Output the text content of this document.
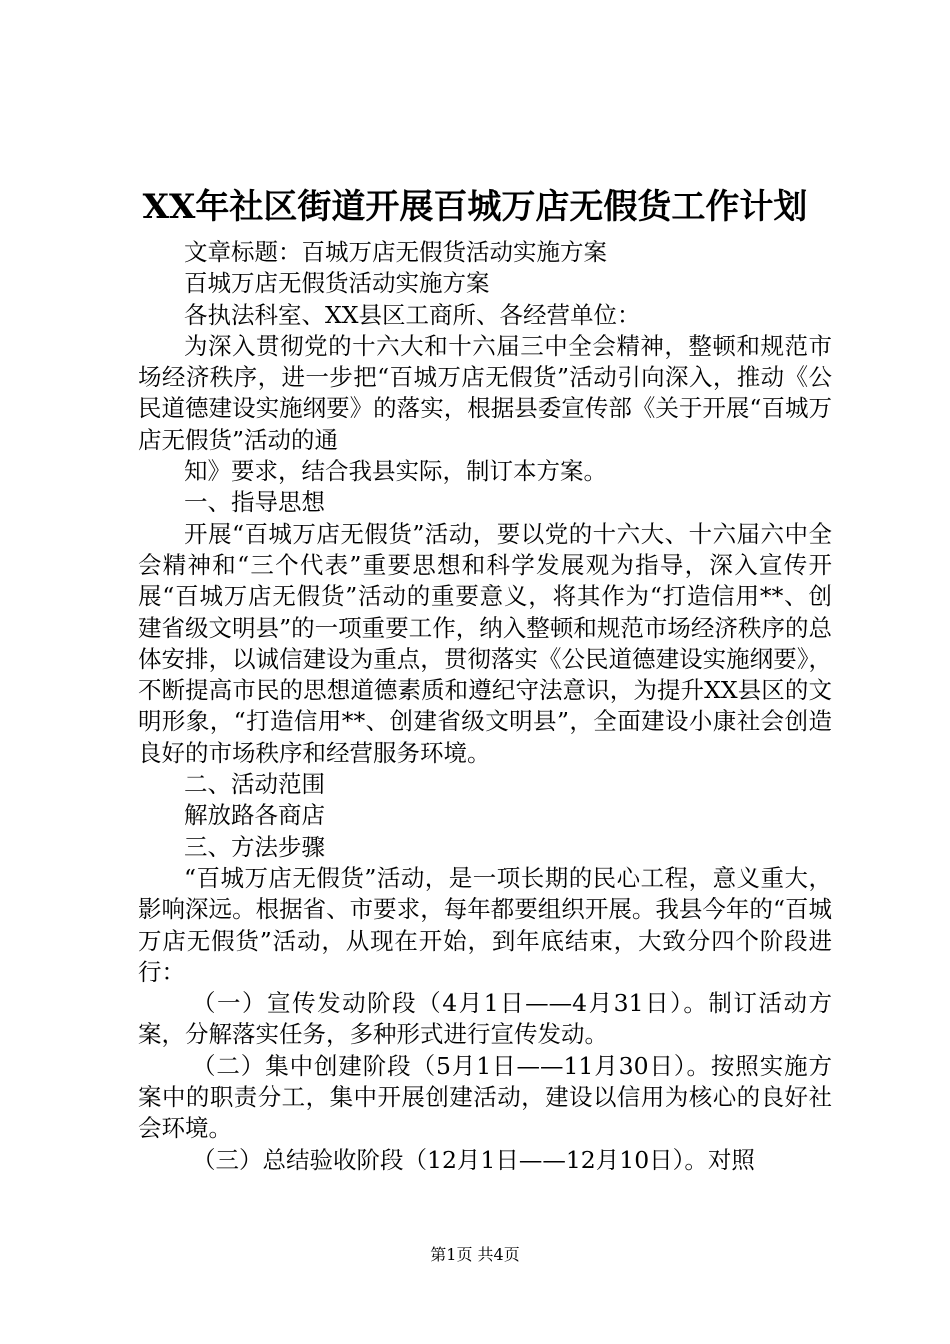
XX年社区街道开展百城万店无假货工作计划

文章标题：百城万店无假货活动实施方案

百城万店无假货活动实施方案

各执法科室、XX县区工商所、各经营单位：

为深入贯彻党的十六大和十六届三中全会精神，整顿和规范市场经济秩序，进一步把“百城万店无假货”活动引向深入，推动《公民道德建设实施纲要》的落实，根据县委宣传部《关于开展“百城万店无假货”活动的通

知》要求，结合我县实际，制订本方案。

一、指导思想

开展“百城万店无假货”活动，要以党的十六大、十六届六中全会精神和“三个代表”重要思想和科学发展观为指导，深入宣传开展“百城万店无假货”活动的重要意义，将其作为“打造信用**、创建省级文明县”的一项重要工作，纳入整顿和规范市场经济秩序的总体安排，以诚信建设为重点，贯彻落实《公民道德建设实施纲要》，不断提高市民的思想道德素质和遵纪守法意识，为提升XX县区的文明形象，“打造信用**、创建省级文明县”，全面建设小康社会创造良好的市场秩序和经营服务环境。

二、活动范围

解放路各商店

三、方法步骤

“百城万店无假货”活动，是一项长期的民心工程，意义重大，影响深远。根据省、市要求，每年都要组织开展。我县今年的“百城万店无假货”活动，从现在开始，到年底结束，大致分四个阶段进行：

（一）宣传发动阶段（4月1日——4月31日）。制订活动方案，分解落实任务，多种形式进行宣传发动。

（二）集中创建阶段（5月1日——11月30日）。按照实施方案中的职责分工，集中开展创建活动，建设以信用为核心的良好社会环境。

（三）总结验收阶段（12月1日——12月10日）。对照

第1页 共4页
